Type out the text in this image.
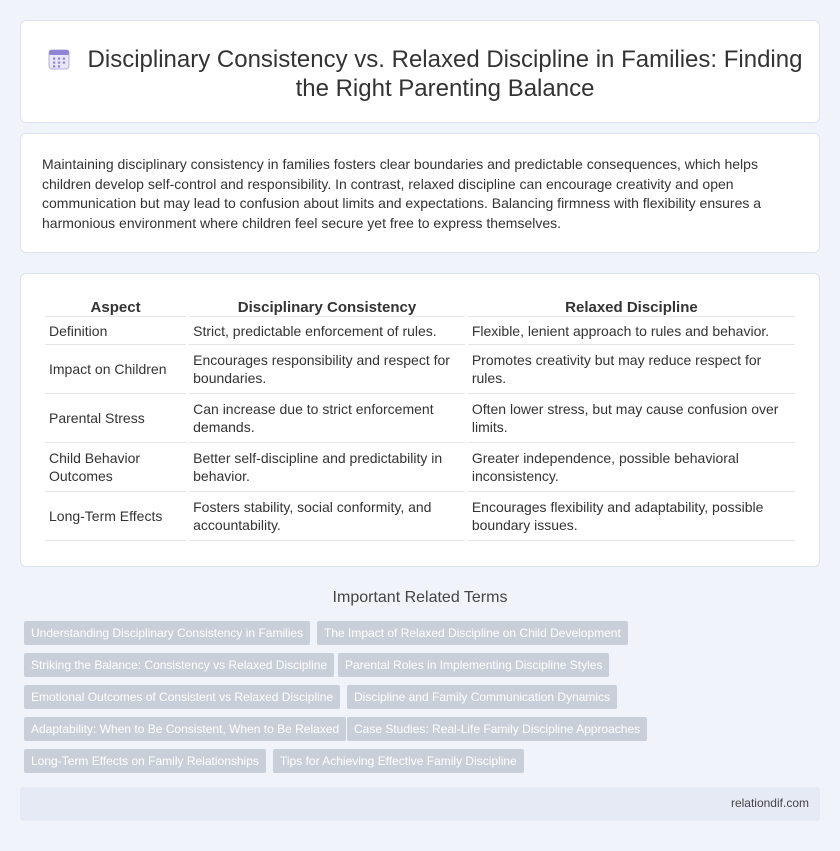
Disciplinary Consistency vs. Relaxed Discipline in Families: Finding the Right Parenting Balance

Maintaining disciplinary consistency in families fosters clear boundaries and predictable consequences, which helps children develop self-control and responsibility. In contrast, relaxed discipline can encourage creativity and open communication but may lead to confusion about limits and expectations. Balancing firmness with flexibility ensures a harmonious environment where children feel secure yet free to express themselves.

Aspect	Disciplinary Consistency	Relaxed Discipline
Definition	Strict, predictable enforcement of rules.	Flexible, lenient approach to rules and behavior.
Impact on Children	Encourages responsibility and respect for boundaries.	Promotes creativity but may reduce respect for rules.
Parental Stress	Can increase due to strict enforcement demands.	Often lower stress, but may cause confusion over limits.
Child Behavior Outcomes	Better self-discipline and predictability in behavior.	Greater independence, possible behavioral inconsistency.
Long-Term Effects	Fosters stability, social conformity, and accountability.	Encourages flexibility and adaptability, possible boundary issues.
Important Related Terms
Understanding Disciplinary Consistency in Families	The Impact of Relaxed Discipline on Child Development
Striking the Balance: Consistency vs Relaxed Discipline	Parental Roles in Implementing Discipline Styles
Emotional Outcomes of Consistent vs Relaxed Discipline	Discipline and Family Communication Dynamics
Adaptability: When to Be Consistent, When to Be Relaxed	Case Studies: Real-Life Family Discipline Approaches
Long-Term Effects on Family Relationships	Tips for Achieving Effective Family Discipline
relationdif.com
